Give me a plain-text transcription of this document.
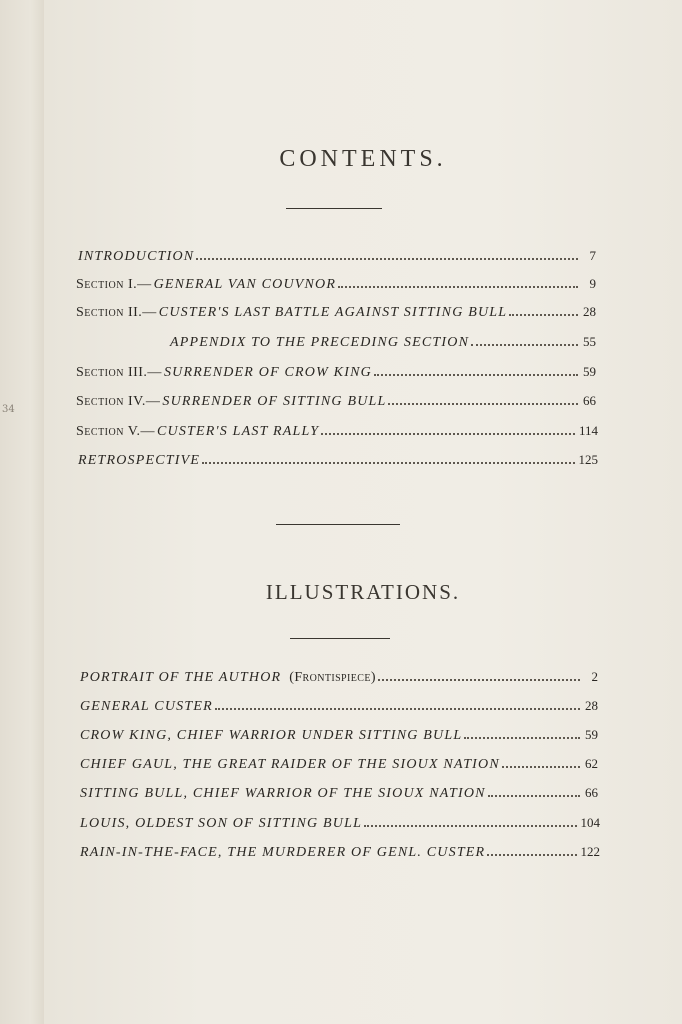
34
CONTENTS.
INTRODUCTION	7
Section I.— GENERAL VAN COUVNOR	9
Section II.— CUSTER'S LAST BATTLE AGAINST SITTING BULL	28
APPENDIX TO THE PRECEDING SECTION	55
Section III.— SURRENDER OF CROW KING	59
Section IV.— SURRENDER OF SITTING BULL	66
Section V.— CUSTER'S LAST RALLY	114
RETROSPECTIVE	125
ILLUSTRATIONS.
PORTRAIT OF THE AUTHOR (Frontispiece)	2
GENERAL CUSTER	28
CROW KING, CHIEF WARRIOR UNDER SITTING BULL	59
CHIEF GAUL, THE GREAT RAIDER OF THE SIOUX NATION	62
SITTING BULL, CHIEF WARRIOR OF THE SIOUX NATION	66
LOUIS, OLDEST SON OF SITTING BULL	104
RAIN-IN-THE-FACE, THE MURDERER OF GENL. CUSTER	122
